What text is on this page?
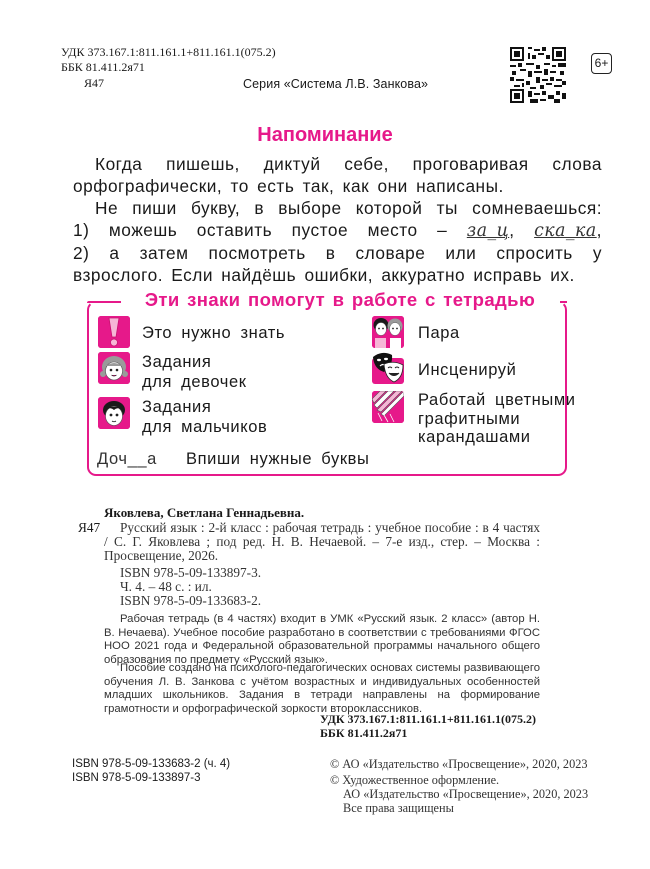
УДК 373.167.1:811.161.1+811.161.1(075.2)
ББК 81.411.2я71
Я47	Серия «Система Л.В. Занкова»
6+
Напоминание
Когда пишешь, диктуй себе, проговаривая слова орфографически, то есть так, как они написаны.
Не пиши букву, в выборе которой ты сомневаешься:
1) можешь оставить пустое место – за_ц, ска_ка,
2) а затем посмотреть в словаре или спросить у взрослого. Если найдёшь ошибки, аккуратно исправь их.
Эти знаки помогут в работе с тетрадью
Это нужно знать
Задания
для девочек
Задания
для мальчиков
Пара
Инсценируй
Работай цветными
графитными
карандашами
Доч__а Впиши нужные буквы
Яковлева, Светлана Геннадьевна.
Я47	Русский язык : 2-й класс : рабочая тетрадь : учебное пособие : в 4 частях / С. Г. Яковлева ; под ред. Н. В. Нечаевой. – 7-е изд., стер. – Москва : Просвещение, 2026.
ISBN 978-5-09-133897-3.
Ч. 4. – 48 с. : ил.
ISBN 978-5-09-133683-2.
Рабочая тетрадь (в 4 частях) входит в УМК «Русский язык. 2 класс» (автор Н. В. Нечаева). Учебное пособие разработано в соответствии с требованиями ФГОС НОО 2021 года и Федеральной образовательной программы начального общего образования по предмету «Русский язык».
Пособие создано на психолого-педагогических основах системы развивающего обучения Л. В. Занкова с учётом возрастных и индивидуальных особенностей младших школьников. Задания в тетради направлены на формирование грамотности и орфографической зоркости второклассников.
УДК 373.167.1:811.161.1+811.161.1(075.2)
ББК 81.411.2я71
ISBN 978-5-09-133683-2 (ч. 4)
ISBN 978-5-09-133897-3
© АО «Издательство «Просвещение», 2020, 2023
© Художественное оформление.
АО «Издательство «Просвещение», 2020, 2023
Все права защищены
